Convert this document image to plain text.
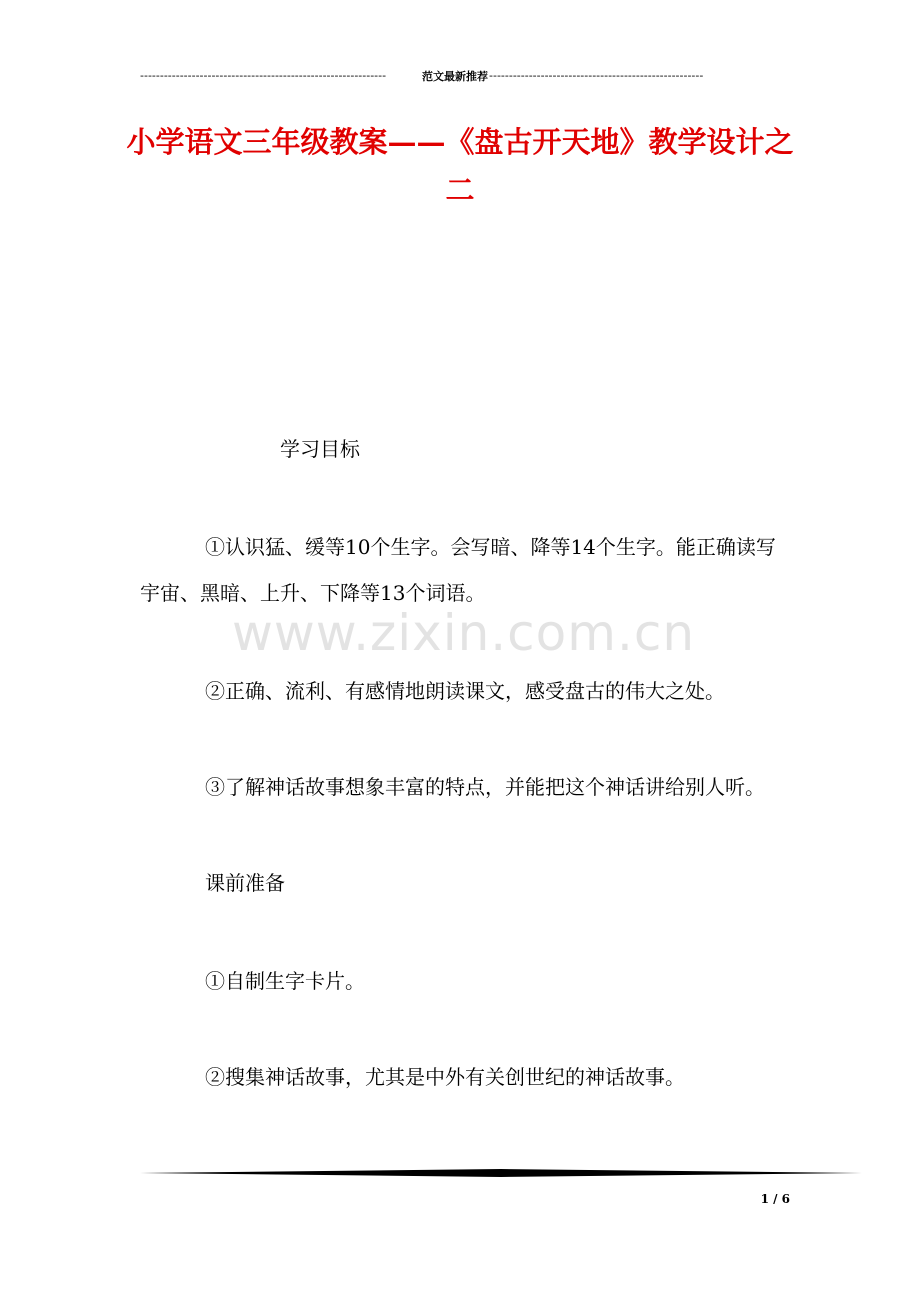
--------------------------------------------------------------	范文最新推荐 ------------------------------------------------------
小学语文三年级教案——《盘古开天地》教学设计之二
www.zixin.com.cn
学习目标
①认识猛、缓等10个生字。会写暗、降等14个生字。能正确读写宇宙、黑暗、上升、下降等13个词语。
②正确、流利、有感情地朗读课文，感受盘古的伟大之处。
③了解神话故事想象丰富的特点，并能把这个神话讲给别人听。
课前准备
①自制生字卡片。
②搜集神话故事，尤其是中外有关创世纪的神话故事。
1 / 6
